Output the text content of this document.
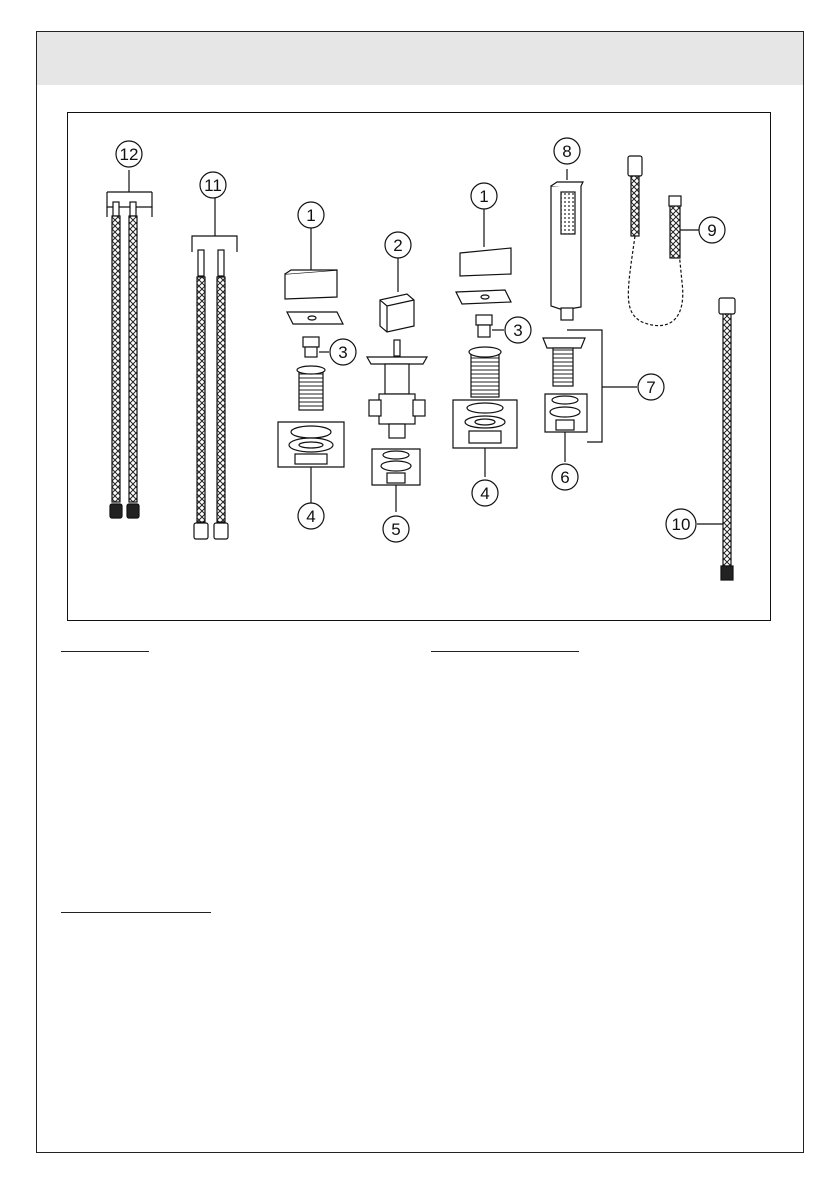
12
11
1
2
3
4
5
1
3
4
8
7
6
9
10
